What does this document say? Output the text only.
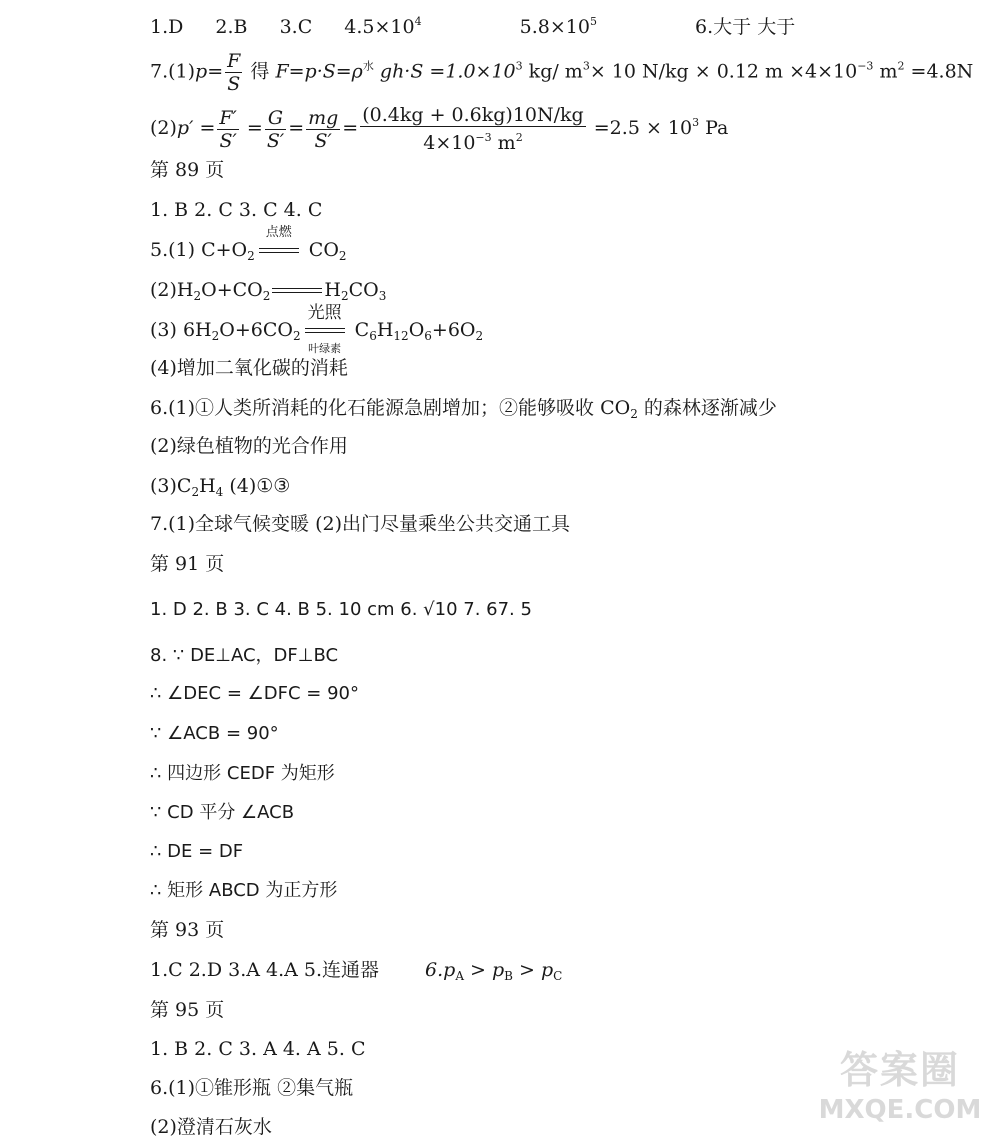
1.D 2.B 3.C $4.5\times 10^4$	$5.8\times 10^5$	6.大于 大于
$7.(1)p= \frac{F}{S}$ 得 $F=p\cdot S=\rho^水$ $gh\cdot S =1.0\times 10^3$ kg/ $m^3\times 10$ N/kg × 0.12 $m \times 4\times 10^{-3}$ $m^2 =4.8N$
$(2)p' = \frac{F'}{S'} = \frac{G}{S'} = \frac{mg}{S'} = \frac{(0.4kg + 0.6kg)10N/kg}{4\times 10^{-3} m^2} =2.5 \times 10^3$ Pa
第 89 页
1. B 2. C 3. C 4. C
5.(1) $C+O_2$
点燃
$CO_2$
$(2)H_2O+CO_2$	$H_2CO_3$
(3) $6H_2O+6CO_2$
光照
叶绿素
$C_6H_{12}O_6+6O_2$
(4)增加二氧化碳的消耗
6.(1)①人类所消耗的化石能源急剧增加；②能够吸收 $CO_2$ 的森林逐渐减少
(2)绿色植物的光合作用
$(3)C_2H_4$ (4)①③
7.(1)全球气候变暖 (2)出门尽量乘坐公共交通工具
第 91 页
1. D 2. B 3. C 4. B 5. 10 cm 6. √10 7. 67. 5
8. ∵ DE⊥AC，DF⊥BC
∴ ∠DEC = ∠DFC = 90°
∵ ∠ACB = 90°
∴ 四边形 CEDF 为矩形
∵ CD 平分 ∠ACB
∴ DE = DF
∴ 矩形 ABCD 为正方形
第 93 页
1.C 2.D 3.A 4.A 5.连通器 $6.p_A > p_B > p_C$
第 95 页
1. B 2. C 3. A 4. A 5. C
6.(1)①锥形瓶 ②集气瓶
(2)澄清石灰水
答案圈
MXQE.COM
